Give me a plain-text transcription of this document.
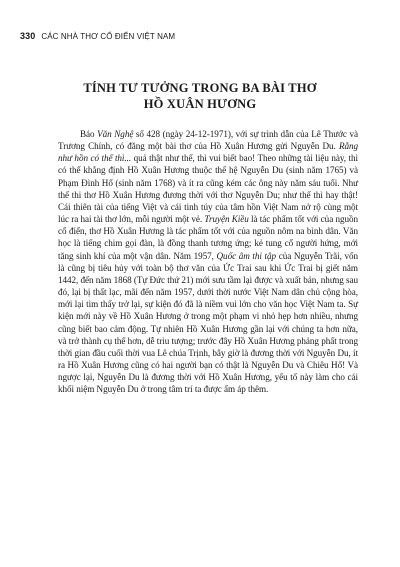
330 CÁC NHÀ THƠ CỔ ĐIỂN VIỆT NAM
TÍNH TƯ TƯỞNG TRONG BA BÀI THƠ
HỒ XUÂN HƯƠNG

Báo Văn Nghệ số 428 (ngày 24-12-1971), với sự trình dẫn của Lê Thước và Trương Chính, có đăng một bài thơ của Hồ Xuân Hương gửi Nguyễn Du. Rằng như hồn có thế thì... quả thật như thế, thì vui biết bao! Theo những tài liệu này, thì có thể khẳng định Hồ Xuân Hương thuộc thế hệ Nguyễn Du (sinh năm 1765) và Phạm Đình Hổ (sinh năm 1768) và ít ra cũng kém các ông này năm sáu tuổi. Như thế thi thơ Hồ Xuân Hương đương thời với thơ Nguyễn Du; như thế thì hay thật! Cái thiên tài của tiếng Việt và cái tinh túy của tâm hồn Việt Nam nở rộ cùng một lúc ra hai tài thơ lớn, mỗi người một vẻ. Truyện Kiều là tác phẩm tốt với của nguồn cổ điển, thơ Hồ Xuân Hương là tác phẩm tốt với của nguồn nôm na bình dân. Văn học là tiếng chim gọi đàn, là đồng thanh tương ứng; kẻ tung cổ người hứng, mới tăng sinh khí của một vận dân. Năm 1957, Quốc âm thi tập của Nguyễn Trãi, vốn là cũng bị tiêu hủy với toàn bộ thơ văn của Ức Trai sau khi Ức Trai bị giết năm 1442, đến năm 1868 (Tự Đức thứ 21) mới sưu tầm lại được và xuất bản, nhưng sau đó, lại bị thất lạc, mãi đến năm 1957, dưới thời nước Việt Nam dân chủ cộng hòa, mới lại tìm thấy trở lại, sự kiện đó đã là niềm vui lớn cho văn học Việt Nam ta. Sự kiện mới này về Hồ Xuân Hương ở trong một phạm vi nhỏ hẹp hơn nhiều, nhưng cũng biết bao cảm động. Tự nhiên Hồ Xuân Hương gần lại với chúng ta hơn nữa, và trở thành cụ thể hơn, dễ trìu tượng; trước đây Hồ Xuân Hương phảng phất trong thời gian đầu cuối thời vua Lê chúa Trịnh, bây giờ là đương thời với Nguyễn Du, ít ra Hồ Xuân Hương cũng có hai người bạn có thật là Nguyễn Du và Chiêu Hổ! Và ngược lại, Nguyễn Du là đương thời với Hồ Xuân Hương, yếu tố này làm cho cái khối niệm Nguyễn Du ở trong tâm trí ta được ấm áp thêm.
